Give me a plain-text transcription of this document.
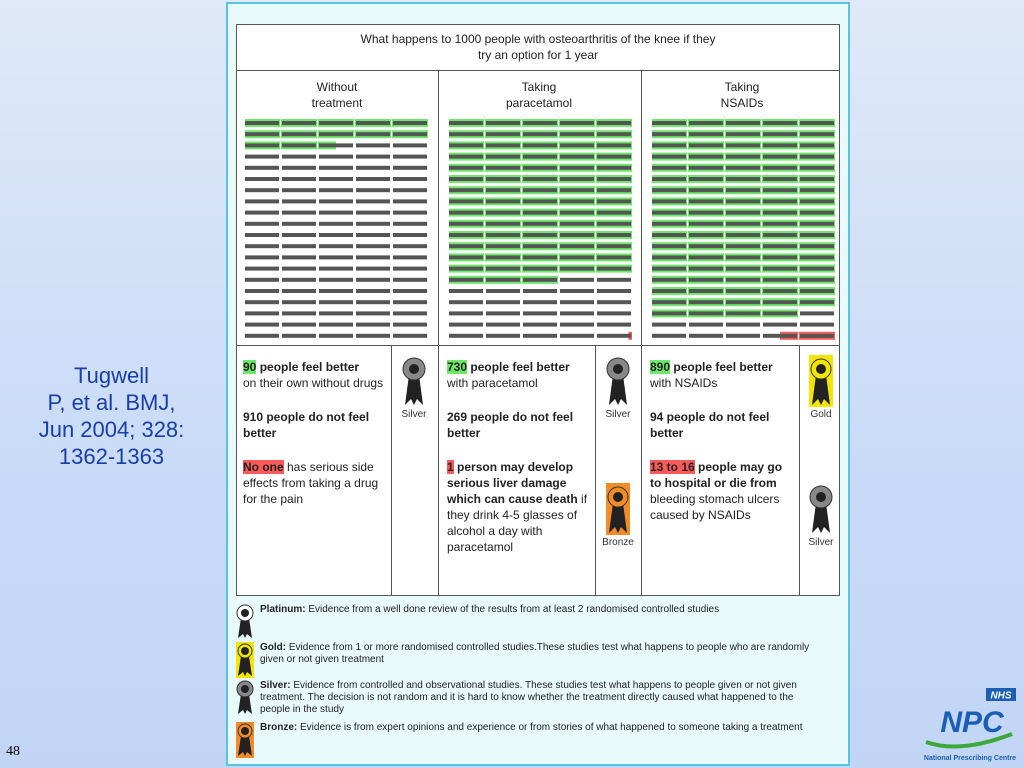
Tugwell
P, et al. BMJ,
Jun 2004; 328:
1362-1363
48
What happens to 1000 people with osteoarthritis of the knee if they
try an option for 1 year
Without
treatment
Taking
paracetamol
Taking
NSAIDs

90 people feel better
on their own without drugs

910 people do not feel better

No one has serious side effects from taking a drug for the pain

730 people feel better
with paracetamol

269 people do not feel better

1 person may develop serious liver damage which can cause death if they drink 4-5 glasses of alcohol a day with paracetamol

890 people feel better
with NSAIDs

94 people do not feel better

13 to 16 people may go to hospital or die from bleeding stomach ulcers caused by NSAIDs

Silver	Silver
Bronze
Gold
Silver
Platinum: Evidence from a well done review of the results from at least 2 randomised controlled studies
Gold: Evidence from 1 or more randomised controlled studies.These studies test what happens to people who are randomly given or not given treatment
Silver: Evidence from controlled and observational studies. These studies test what happens to people given or not given treatment. The decision is not random and it is hard to know whether the treatment directly caused what happened to the people in the study
Bronze: Evidence is from expert opinions and experience or from stories of what happened to someone taking a treatment
NHS
NPC
National Prescribing Centre
